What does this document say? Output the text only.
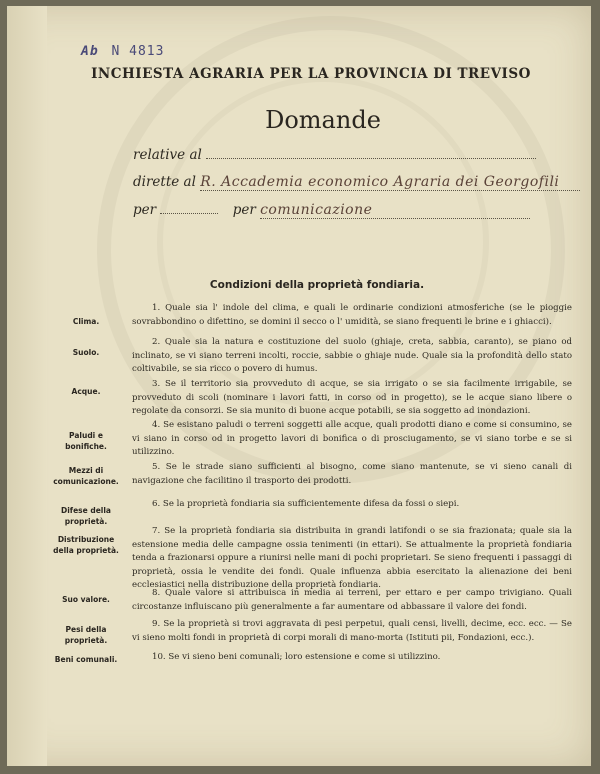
Ab N 4813
INCHIESTA AGRARIA PER LA PROVINCIA DI TREVISO
Domande
relative al
dirette al R. Accademia economico Agraria dei Georgofili
per	per comunicazione
Condizioni della proprietà fondiaria.
Clima.
1. Quale sia l' indole del clima, e quali le ordinarie condizioni atmosferiche (se le pioggie sovrabbondino o difettino, se domini il secco o l' umidità, se siano frequenti le brine e i ghiacci).
Suolo.
2. Quale sia la natura e costituzione del suolo (ghiaje, creta, sabbia, caranto), se piano od inclinato, se vi siano terreni incolti, roccie, sabbie o ghiaje nude. Quale sia la profondità dello stato coltivabile, se sia ricco o povero di humus.
Acque.
3. Se il territorio sia provveduto di acque, se sia irrigato o se sia facilmente irrigabile, se provveduto di scoli (nominare i lavori fatti, in corso od in progetto), se le acque siano libere o regolate da consorzi. Se sia munito di buone acque potabili, se sia soggetto ad inondazioni.
Paludi e bonifiche.
4. Se esistano paludi o terreni soggetti alle acque, quali prodotti diano e come si consumino, se vi siano in corso od in progetto lavori di bonifica o di prosciugamento, se vi siano torbe e se si utilizzino.
Mezzi di comunicazione.
5. Se le strade siano sufficienti al bisogno, come siano mantenute, se vi sieno canali di navigazione che facilitino il trasporto dei prodotti.
Difese della proprietà.
6. Se la proprietà fondiaria sia sufficientemente difesa da fossi o siepi.
Distribuzione della proprietà.
7. Se la proprietà fondiaria sia distribuita in grandi latifondi o se sia frazionata; quale sia la estensione media delle campagne ossia tenimenti (in ettari). Se attualmente la proprietà fondiaria tenda a frazionarsi oppure a riunirsi nelle mani di pochi proprietari. Se sieno frequenti i passaggi di proprietà, ossia le vendite dei fondi. Quale influenza abbia esercitato la alienazione dei beni ecclesiastici nella distribuzione della proprietà fondiaria.
Suo valore.
8. Quale valore si attribuisca in media ai terreni, per ettaro e per campo trivigiano. Quali circostanze influiscano più generalmente a far aumentare od abbassare il valore dei fondi.
Pesi della proprietà.
9. Se la proprietà si trovi aggravata di pesi perpetui, quali censi, livelli, decime, ecc. ecc. — Se vi sieno molti fondi in proprietà di corpi morali di mano-morta (Istituti pii, Fondazioni, ecc.).
Beni comunali.	10. Se vi sieno beni comunali; loro estensione e come si utilizzino.
